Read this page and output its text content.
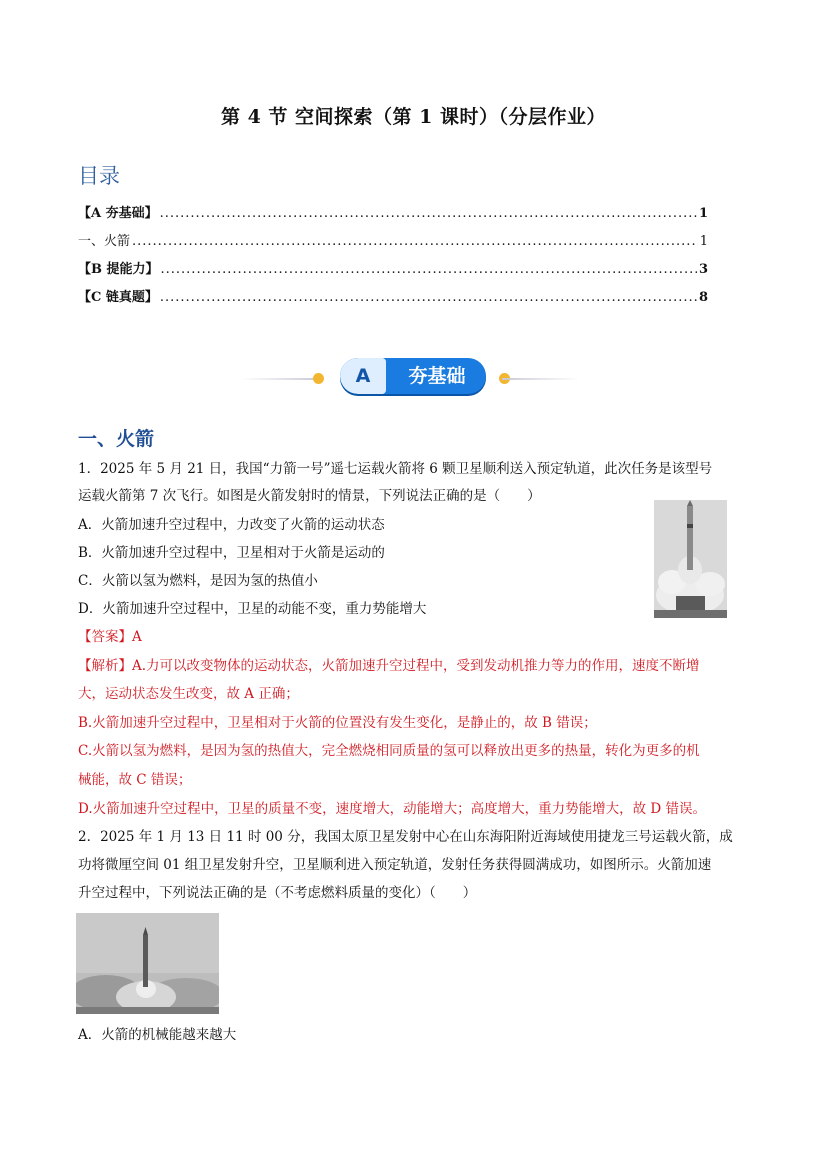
第 4 节 空间探索（第 1 课时）（分层作业）
目录
【A 夯基础】 .....	1
一、火箭 .....	1
【B 提能力】 .....	3
【C 链真题】 .....	8
A	夯基础
一、火箭
1．2025 年 5 月 21 日，我国“力箭一号”遥七运载火箭将 6 颗卫星顺利送入预定轨道，此次任务是该型号
运载火箭第 7 次飞行。如图是火箭发射时的情景，下列说法正确的是（　　）
A．火箭加速升空过程中，力改变了火箭的运动状态
B．火箭加速升空过程中，卫星相对于火箭是运动的
C．火箭以氢为燃料，是因为氢的热值小
D．火箭加速升空过程中，卫星的动能不变，重力势能增大
【答案】A
【解析】A.力可以改变物体的运动状态，火箭加速升空过程中，受到发动机推力等力的作用，速度不断增
大，运动状态发生改变，故 A 正确；
B.火箭加速升空过程中，卫星相对于火箭的位置没有发生变化，是静止的，故 B 错误；
C.火箭以氢为燃料，是因为氢的热值大，完全燃烧相同质量的氢可以释放出更多的热量，转化为更多的机
械能，故 C 错误；
D.火箭加速升空过程中，卫星的质量不变，速度增大，动能增大；高度增大，重力势能增大，故 D 错误。
2．2025 年 1 月 13 日 11 时 00 分，我国太原卫星发射中心在山东海阳附近海域使用捷龙三号运载火箭，成
功将微厘空间 01 组卫星发射升空，卫星顺利进入预定轨道，发射任务获得圆满成功，如图所示。火箭加速
升空过程中，下列说法正确的是（不考虑燃料质量的变化）（　　）
A．火箭的机械能越来越大
